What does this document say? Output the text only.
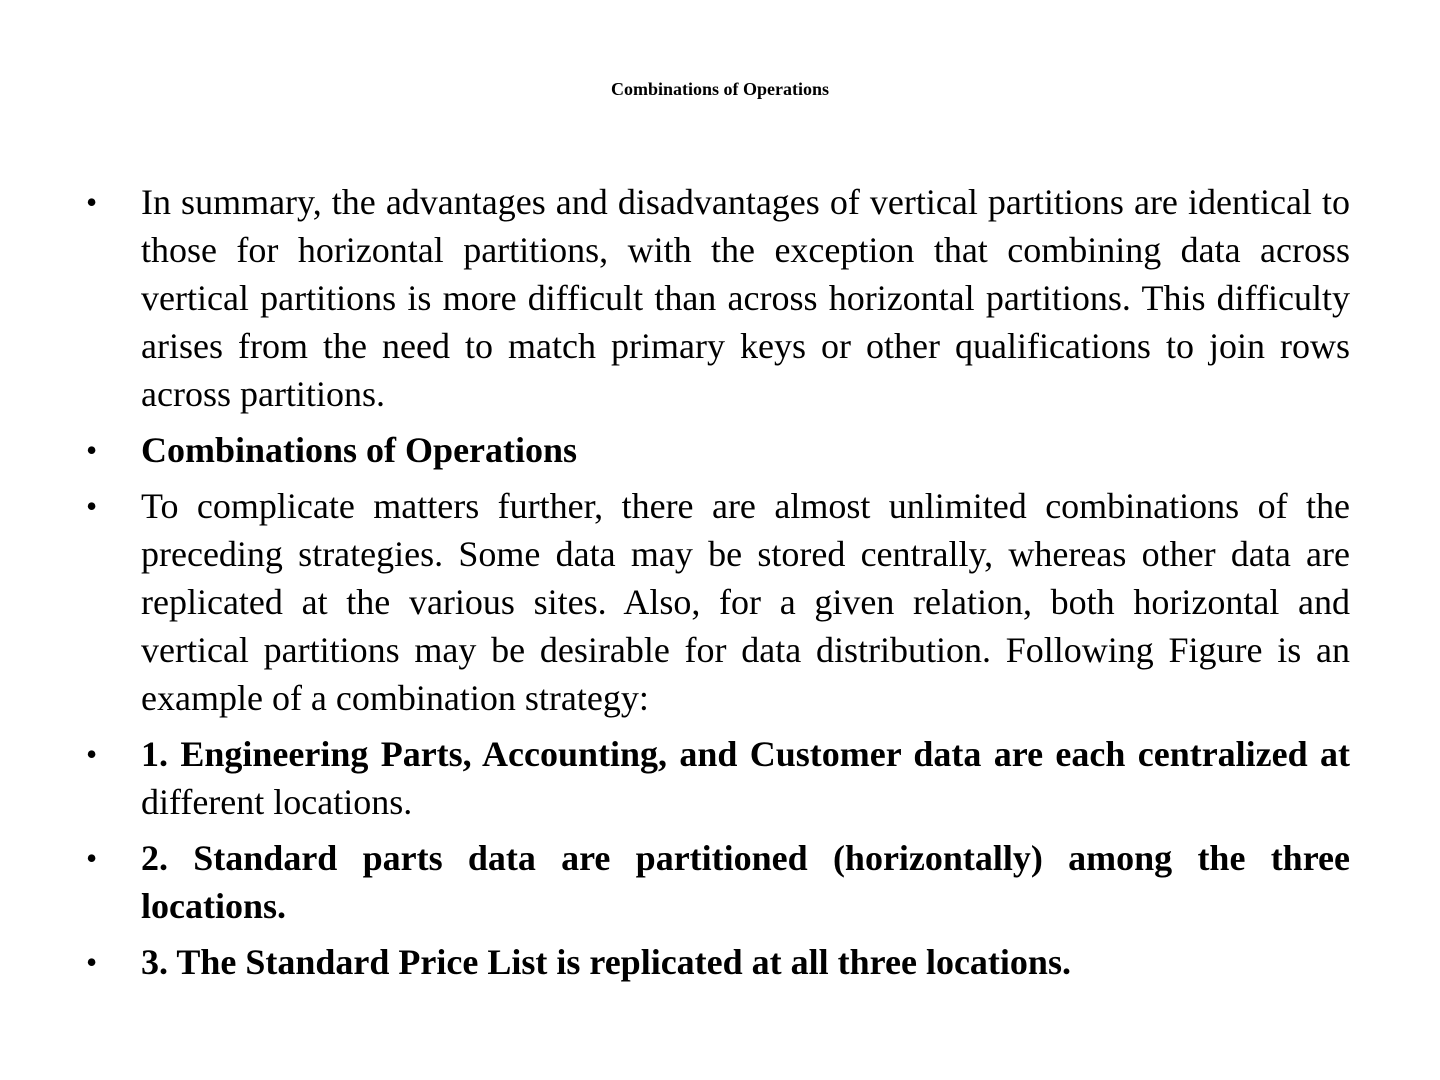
Combinations of Operations
•	In summary, the advantages and disadvantages of vertical partitions are identical to those for horizontal partitions, with the exception that combining data across vertical partitions is more difficult than across horizontal partitions. This difficulty arises from the need to match primary keys or other qualifications to join rows across partitions.
•	Combinations of Operations
•	To complicate matters further, there are almost unlimited combinations of the preceding strategies. Some data may be stored centrally, whereas other data are replicated at the various sites. Also, for a given relation, both horizontal and vertical partitions may be desirable for data distribution. Following Figure is an example of a combination strategy:
•	1. Engineering Parts, Accounting, and Customer data are each centralized at different locations.
•	2. Standard parts data are partitioned (horizontally) among the three locations.
•	3. The Standard Price List is replicated at all three locations.
